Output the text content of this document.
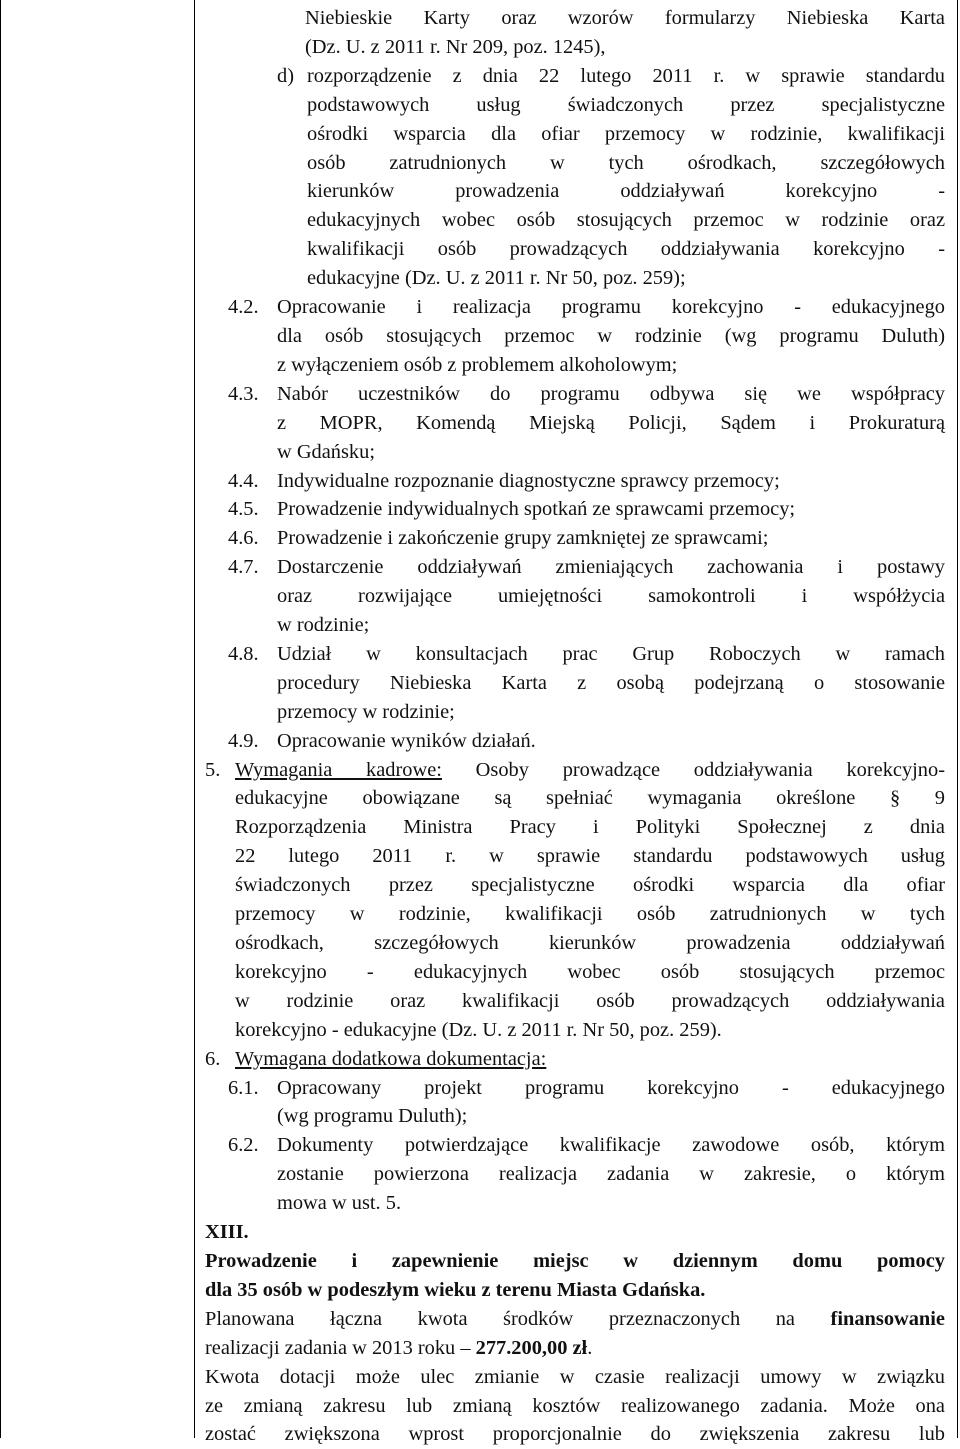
Niebieskie Karty oraz wzorów formularzy Niebieska Karta
(Dz. U. z 2011 r. Nr 209, poz. 1245),
d) rozporządzenie z dnia 22 lutego 2011 r. w sprawie standardu
podstawowych usług świadczonych przez specjalistyczne
ośrodki wsparcia dla ofiar przemocy w rodzinie, kwalifikacji
osób zatrudnionych w tych ośrodkach, szczegółowych
kierunków prowadzenia oddziaływań korekcyjno -
edukacyjnych wobec osób stosujących przemoc w rodzinie oraz
kwalifikacji osób prowadzących oddziaływania korekcyjno -
edukacyjne (Dz. U. z 2011 r. Nr 50, poz. 259);
4.2. Opracowanie i realizacja programu korekcyjno - edukacyjnego
dla osób stosujących przemoc w rodzinie (wg programu Duluth)
z wyłączeniem osób z problemem alkoholowym;
4.3. Nabór uczestników do programu odbywa się we współpracy
z MOPR, Komendą Miejską Policji, Sądem i Prokuraturą
w Gdańsku;
4.4. Indywidualne rozpoznanie diagnostyczne sprawcy przemocy;
4.5. Prowadzenie indywidualnych spotkań ze sprawcami przemocy;
4.6. Prowadzenie i zakończenie grupy zamkniętej ze sprawcami;
4.7. Dostarczenie oddziaływań zmieniających zachowania i postawy
oraz rozwijające umiejętności samokontroli i współżycia
w rodzinie;
4.8. Udział w konsultacjach prac Grup Roboczych w ramach
procedury Niebieska Karta z osobą podejrzaną o stosowanie
przemocy w rodzinie;
4.9. Opracowanie wyników działań.
5. Wymagania kadrowe: Osoby prowadzące oddziaływania korekcyjno-
edukacyjne obowiązane są spełniać wymagania określone § 9
Rozporządzenia Ministra Pracy i Polityki Społecznej z dnia
22 lutego 2011 r. w sprawie standardu podstawowych usług
świadczonych przez specjalistyczne ośrodki wsparcia dla ofiar
przemocy w rodzinie, kwalifikacji osób zatrudnionych w tych
ośrodkach, szczegółowych kierunków prowadzenia oddziaływań
korekcyjno - edukacyjnych wobec osób stosujących przemoc
w rodzinie oraz kwalifikacji osób prowadzących oddziaływania
korekcyjno - edukacyjne (Dz. U. z 2011 r. Nr 50, poz. 259).
6. Wymagana dodatkowa dokumentacja:
6.1. Opracowany projekt programu korekcyjno - edukacyjnego
(wg programu Duluth);
6.2. Dokumenty potwierdzające kwalifikacje zawodowe osób, którym
zostanie powierzona realizacja zadania w zakresie, o którym
mowa w ust. 5.
XIII.
Prowadzenie i zapewnienie miejsc w dziennym domu pomocy
dla 35 osób w podeszłym wieku z terenu Miasta Gdańska.
Planowana łączna kwota środków przeznaczonych na finansowanie
realizacji zadania w 2013 roku – 277.200,00 zł.
Kwota dotacji może ulec zmianie w czasie realizacji umowy w związku
ze zmianą zakresu lub zmianą kosztów realizowanego zadania. Może ona
zostać zwiększona wprost proporcjonalnie do zwiększenia zakresu lub
